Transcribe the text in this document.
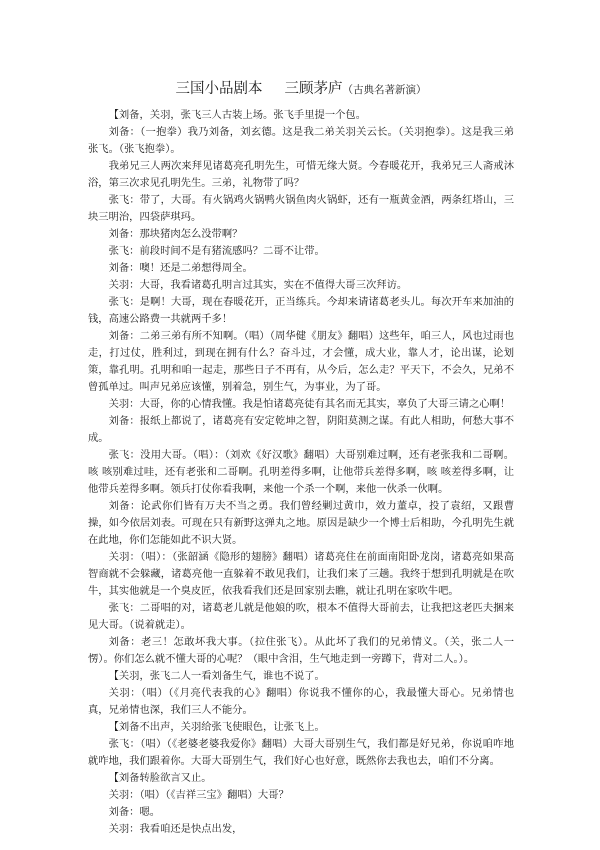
三国小品剧本 三顾茅庐（古典名著新演）

【刘备，关羽，张飞三人古装上场。张飞手里提一个包。

刘备：（一抱拳）我乃刘备，刘玄德。这是我二弟关羽关云长。（关羽抱拳）。这是我三弟张飞。（张飞抱拳）。

我弟兄三人两次来拜见诸葛亮孔明先生，可惜无缘大贤。今春暖花开，我弟兄三人斋戒沐浴，第三次求见孔明先生。三弟，礼物带了吗？

张飞：带了，大哥。有火锅鸡火锅鸭火锅鱼肉火锅虾，还有一瓶黄金酒，两条红塔山，三块三明治，四袋萨琪玛。

刘备：那块猪肉怎么没带啊？

张飞：前段时间不是有猪流感吗？二哥不让带。

刘备：噢！还是二弟想得周全。

关羽：大哥，我看诸葛孔明言过其实，实在不值得大哥三次拜访。

张飞：是啊！大哥，现在春暖花开，正当练兵。今却来请诸葛老头儿。每次开车来加油的钱，高速公路费一共就两千多！

刘备：二弟三弟有所不知啊。（唱）（周华健《朋友》翻唱）这些年，咱三人，风也过雨也走，打过仗，胜利过，到现在拥有什么？奋斗过，才会懂，成大业，靠人才，论出谋，论划策，靠孔明。孔明和咱一起走，那些日子不再有，从今后，怎么走？平天下，不会久，兄弟不曾孤单过。叫声兄弟应该懂，别着急，别生气，为事业，为了哥。

关羽：大哥，你的心情我懂。我是怕诸葛亮徒有其名而无其实，辜负了大哥三请之心啊！

刘备：报纸上都说了，诸葛亮有安定乾坤之智，阴阳莫测之谋。有此人相助，何愁大事不成。

张飞：没用大哥。（唱）：（刘欢《好汉歌》翻唱）大哥别难过啊，还有老张我和二哥啊。咳 咳别难过哇，还有老张和二哥啊。孔明差得多啊，让他带兵差得多啊，咳 咳差得多啊，让他带兵差得多啊。领兵打仗你看我啊，来他一个杀一个啊，来他一伙杀一伙啊。

刘备：论武你们皆有万夫不当之勇。我们曾经剿过黄巾，效力董卓，投了袁绍，又跟曹操，如今依居刘表。可现在只有新野这弹丸之地。原因是缺少一个博士后相助，今孔明先生就在此地，你们怎能如此不识大贤。

关羽：（唱）：（张韶涵《隐形的翅膀》翻唱）诸葛亮住在前面南阳卧龙岗，诸葛亮如果高智商就不会躲藏，诸葛亮他一直躲着不敢见我们，让我们来了三趟。我终于想到孔明就是在吹牛，其实他就是一个臭皮匠，依我看我们还是回家别去瞧，就让孔明在家吹牛吧。

张飞：二哥唱的对，诸葛老儿就是他娘的吹，根本不值得大哥前去，让我把这老匹夫捆来见大哥。（说着就走）。

刘备：老三！怎敢坏我大事。（拉住张飞）。从此坏了我们的兄弟情义。（关，张二人一愣）。你们怎么就不懂大哥的心呢？（眼中含泪，生气地走到一旁蹲下，背对二人。）。

【关羽，张飞二人一看刘备生气，谁也不说了。

关羽：（唱）（《月亮代表我的心》翻唱）你说我不懂你的心，我最懂大哥心。兄弟情也真，兄弟情也深，我们三人不能分。

【刘备不出声，关羽给张飞使眼色，让张飞上。

张飞：（唱）（《老婆老婆我爱你》翻唱）大哥大哥别生气，我们都是好兄弟，你说咱咋地就咋地，我们跟着你。大哥大哥别生气，我们好心也好意，既然你去我也去，咱们不分离。

【刘备转脸欲言又止。

关羽：（唱）（《吉祥三宝》翻唱）大哥？

刘备：嗯。

关羽：我看咱还是快点出发，
